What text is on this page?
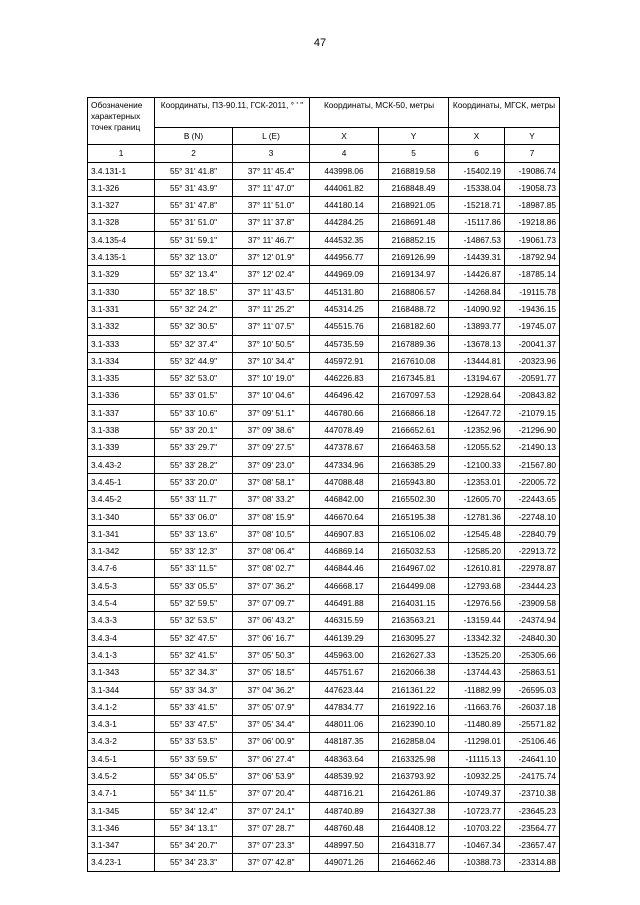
47
Обозначение характерных точек границ	Координаты, ПЗ-90.11, ГСК-2011, ° ' "		Координаты, МСК-50, метры		Координаты, МГСК, метры	
	B (N)	L (E)	X	Y	X	Y
1	2	3	4	5	6	7
3.4.131-1	55° 31' 41.8"	37° 11' 45.4"	443998.06	2168819.58	-15402.19	-19086.74
3.1-326	55° 31' 43.9"	37° 11' 47.0"	444061.82	2168848.49	-15338.04	-19058.73
3.1-327	55° 31' 47.8"	37° 11' 51.0"	444180.14	2168921.05	-15218.71	-18987.85
3.1-328	55° 31' 51.0"	37° 11' 37.8"	444284.25	2168691.48	-15117.86	-19218.86
3.4.135-4	55° 31' 59.1"	37° 11' 46.7"	444532.35	2168852.15	-14867.53	-19061.73
3.4.135-1	55° 32' 13.0"	37° 12' 01.9"	444956.77	2169126.99	-14439.31	-18792.94
3.1-329	55° 32' 13.4"	37° 12' 02.4"	444969.09	2169134.97	-14426.87	-18785.14
3.1-330	55° 32' 18.5"	37° 11' 43.5"	445131.80	2168806.57	-14268.84	-19115.78
3.1-331	55° 32' 24.2"	37° 11' 25.2"	445314.25	2168488.72	-14090.92	-19436.15
3.1-332	55° 32' 30.5"	37° 11' 07.5"	445515.76	2168182.60	-13893.77	-19745.07
3.1-333	55° 32' 37.4"	37° 10' 50.5"	445735.59	2167889.36	-13678.13	-20041.37
3.1-334	55° 32' 44.9"	37° 10' 34.4"	445972.91	2167610.08	-13444.81	-20323.96
3.1-335	55° 32' 53.0"	37° 10' 19.0"	446226.83	2167345.81	-13194.67	-20591.77
3.1-336	55° 33' 01.5"	37° 10' 04.6"	446496.42	2167097.53	-12928.64	-20843.82
3.1-337	55° 33' 10.6"	37° 09' 51.1"	446780.66	2166866.18	-12647.72	-21079.15
3.1-338	55° 33' 20.1"	37° 09' 38.6"	447078.49	2166652.61	-12352.96	-21296.90
3.1-339	55° 33' 29.7"	37° 09' 27.5"	447378.67	2166463.58	-12055.52	-21490.13
3.4.43-2	55° 33' 28.2"	37° 09' 23.0"	447334.96	2166385.29	-12100.33	-21567.80
3.4.45-1	55° 33' 20.0"	37° 08' 58.1"	447088.48	2165943.80	-12353.01	-22005.72
3.4.45-2	55° 33' 11.7"	37° 08' 33.2"	446842.00	2165502.30	-12605.70	-22443.65
3.1-340	55° 33' 06.0"	37° 08' 15.9"	446670.64	2165195.38	-12781.36	-22748.10
3.1-341	55° 33' 13.6"	37° 08' 10.5"	446907.83	2165106.02	-12545.48	-22840.79
3.1-342	55° 33' 12.3"	37° 08' 06.4"	446869.14	2165032.53	-12585.20	-22913.72
3.4.7-6	55° 33' 11.5"	37° 08' 02.7"	446844.46	2164967.02	-12610.81	-22978.87
3.4.5-3	55° 33' 05.5"	37° 07' 36.2"	446668.17	2164499.08	-12793.68	-23444.23
3.4.5-4	55° 32' 59.5"	37° 07' 09.7"	446491.88	2164031.15	-12976.56	-23909.58
3.4.3-3	55° 32' 53.5"	37° 06' 43.2"	446315.59	2163563.21	-13159.44	-24374.94
3.4.3-4	55° 32' 47.5"	37° 06' 16.7"	446139.29	2163095.27	-13342.32	-24840.30
3.4.1-3	55° 32' 41.5"	37° 05' 50.3"	445963.00	2162627.33	-13525.20	-25305.66
3.1-343	55° 32' 34.3"	37° 05' 18.5"	445751.67	2162066.38	-13744.43	-25863.51
3.1-344	55° 33' 34.3"	37° 04' 36.2"	447623.44	2161361.22	-11882.99	-26595.03
3.4.1-2	55° 33' 41.5"	37° 05' 07.9"	447834.77	2161922.16	-11663.76	-26037.18
3.4.3-1	55° 33' 47.5"	37° 05' 34.4"	448011.06	2162390.10	-11480.89	-25571.82
3.4.3-2	55° 33' 53.5"	37° 06' 00.9"	448187.35	2162858.04	-11298.01	-25106.46
3.4.5-1	55° 33' 59.5"	37° 06' 27.4"	448363.64	2163325.98	-11115.13	-24641.10
3.4.5-2	55° 34' 05.5"	37° 06' 53.9"	448539.92	2163793.92	-10932.25	-24175.74
3.4.7-1	55° 34' 11.5"	37° 07' 20.4"	448716.21	2164261.86	-10749.37	-23710.38
3.1-345	55° 34' 12.4"	37° 07' 24.1"	448740.89	2164327.38	-10723.77	-23645.23
3.1-346	55° 34' 13.1"	37° 07' 28.7"	448760.48	2164408.12	-10703.22	-23564.77
3.1-347	55° 34' 20.7"	37° 07' 23.3"	448997.50	2164318.77	-10467.34	-23657.47
3.4.23-1	55° 34' 23.3"	37° 07' 42.8"	449071.26	2164662.46	-10388.73	-23314.88
